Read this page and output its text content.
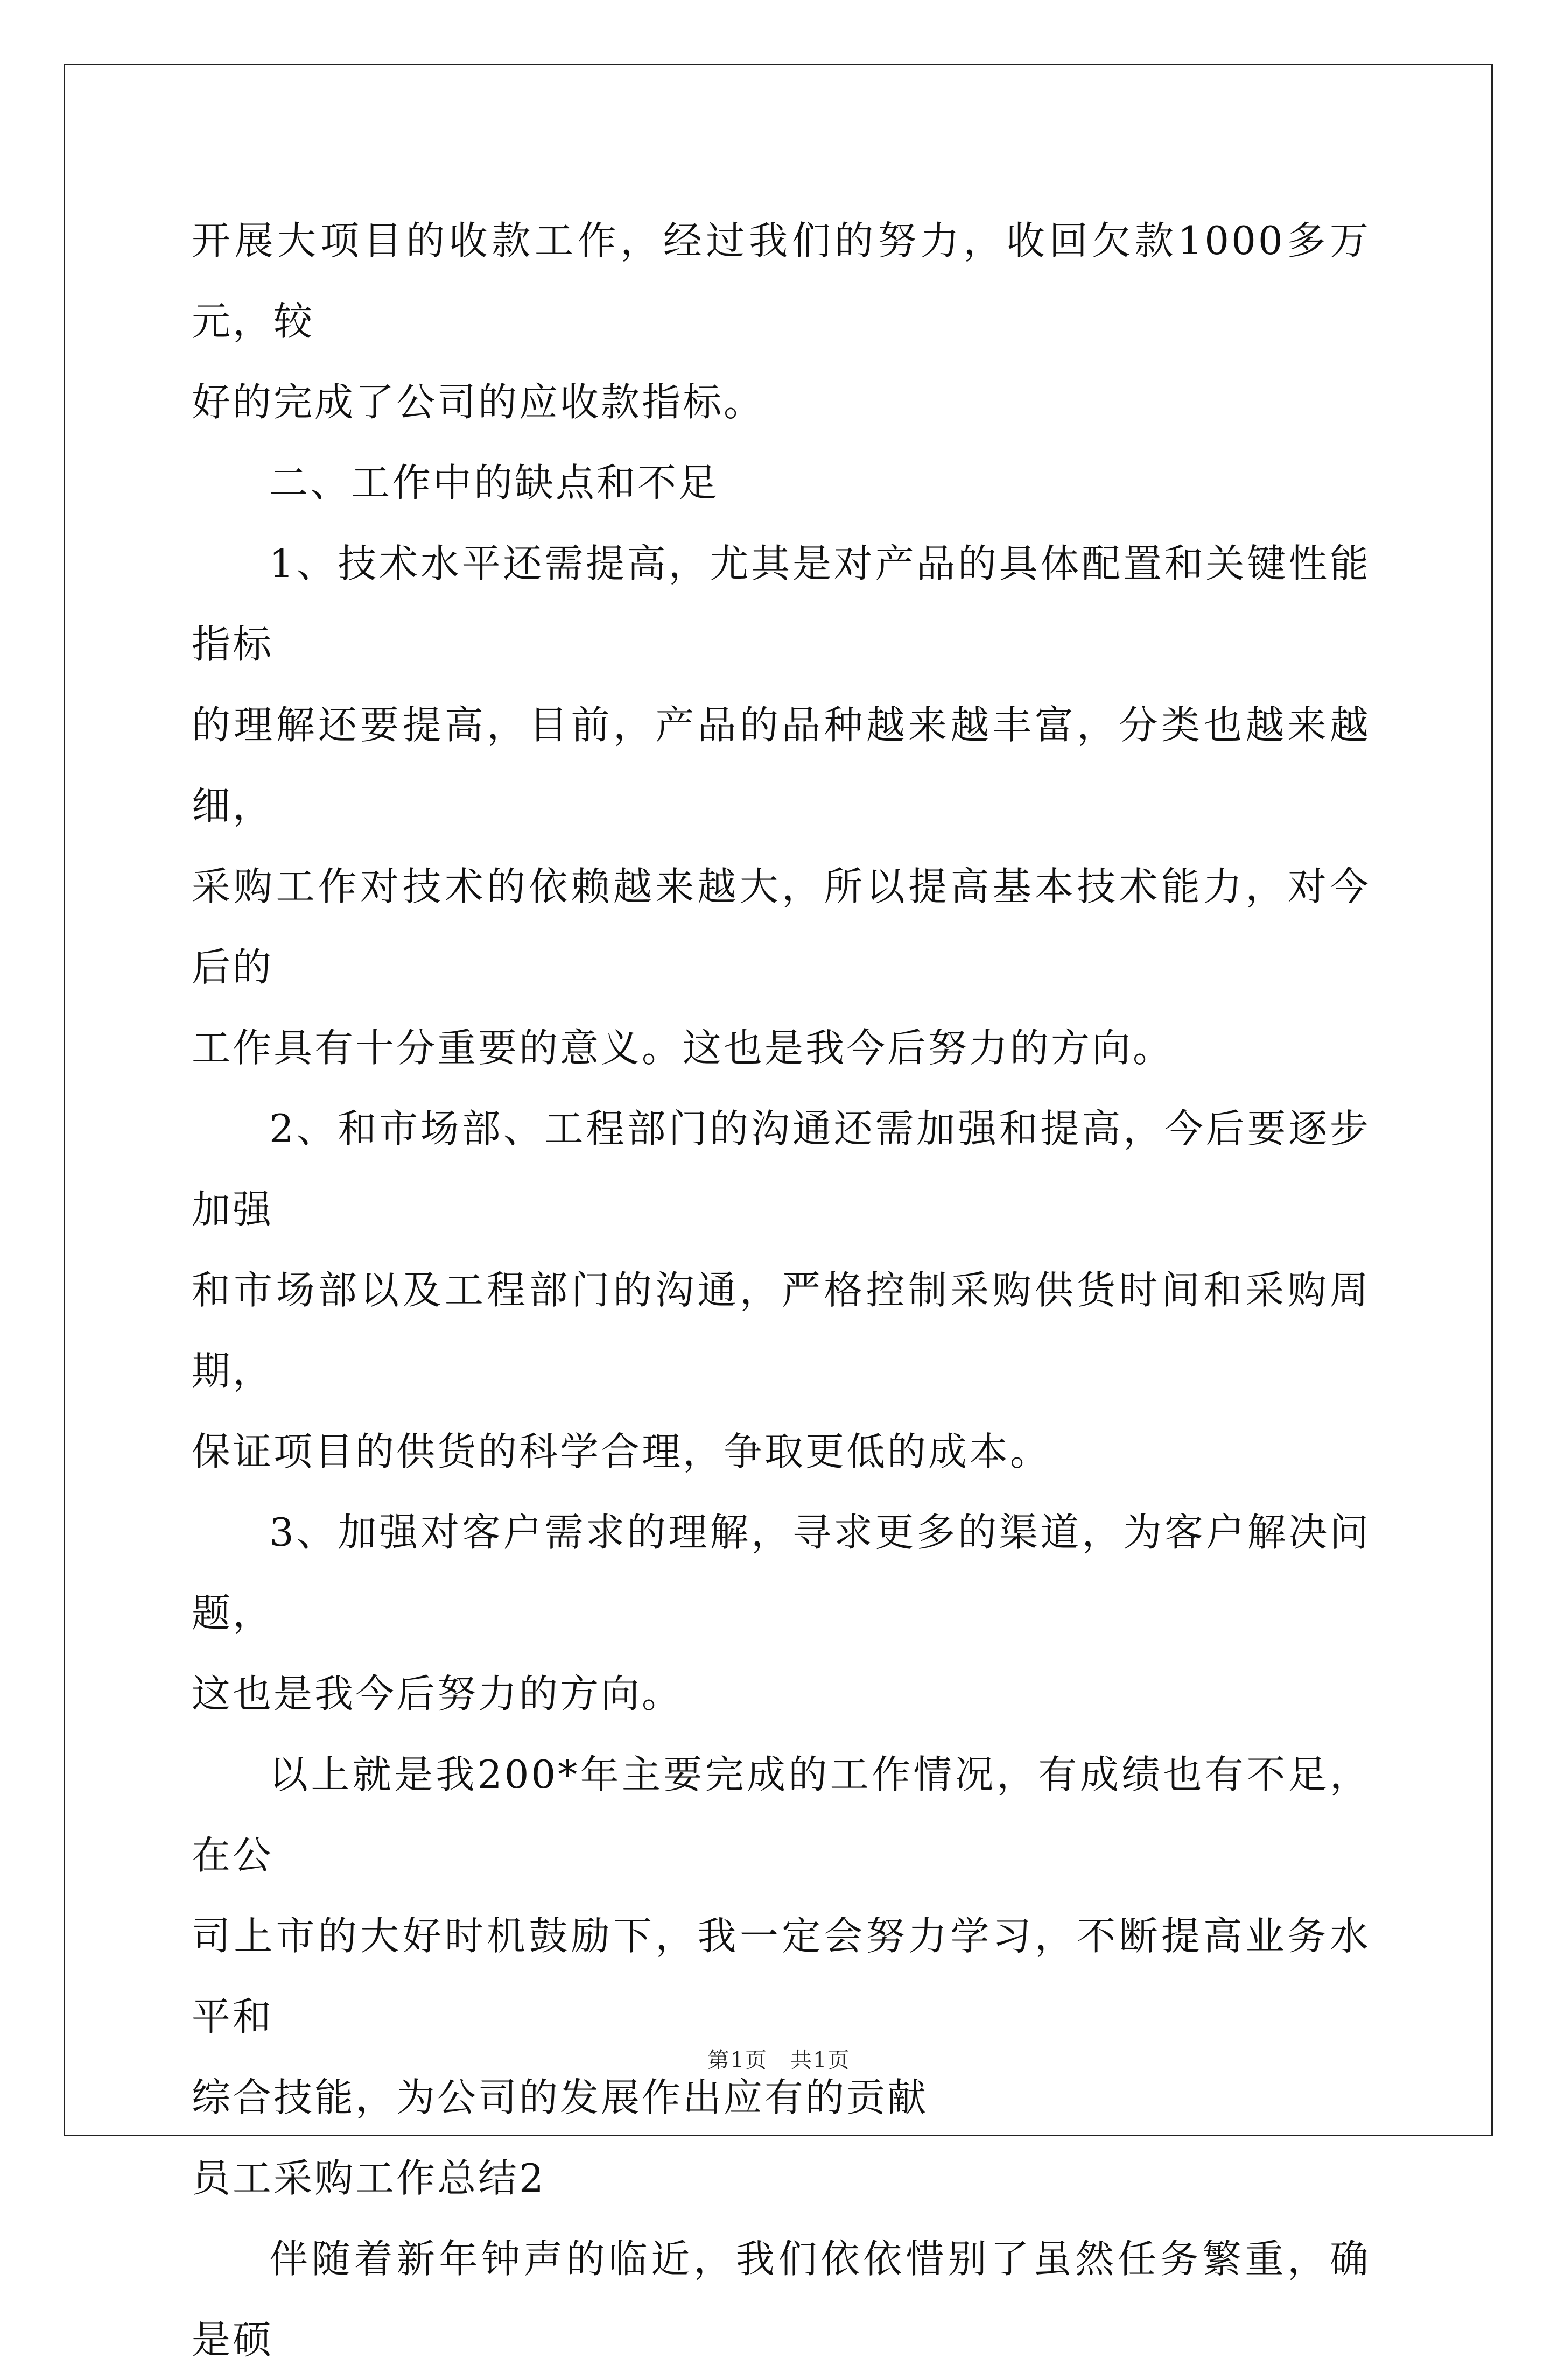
开展大项目的收款工作，经过我们的努力，收回欠款1000多万元，较
好的完成了公司的应收款指标。

二、工作中的缺点和不足

1、技术水平还需提高，尤其是对产品的具体配置和关键性能指标
的理解还要提高，目前，产品的品种越来越丰富，分类也越来越细，
采购工作对技术的依赖越来越大，所以提高基本技术能力，对今后的
工作具有十分重要的意义。这也是我今后努力的方向。

2、和市场部、工程部门的沟通还需加强和提高，今后要逐步加强
和市场部以及工程部门的沟通，严格控制采购供货时间和采购周期，
保证项目的供货的科学合理，争取更低的成本。

3、加强对客户需求的理解，寻求更多的渠道，为客户解决问题，
这也是我今后努力的方向。

以上就是我200*年主要完成的工作情况，有成绩也有不足，在公
司上市的大好时机鼓励下，我一定会努力学习，不断提高业务水平和
综合技能，为公司的发展作出应有的贡献

员工采购工作总结2

伴随着新年钟声的临近，我们依依惜别了虽然任务繁重，确是硕

第1页　共1页
